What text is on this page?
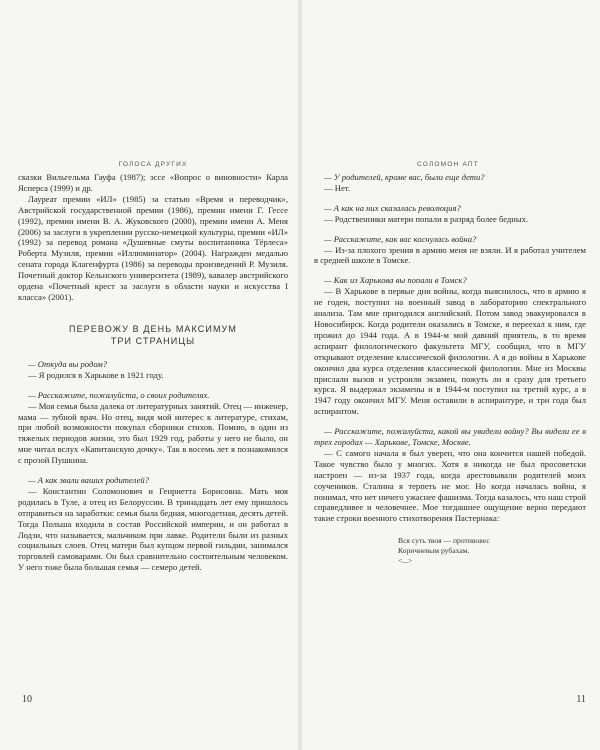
ГОЛОСА ДРУГИХ

сказки Вильгельма Гауфа (1987); эссе «Вопрос о виновности» Карла Ясперса (1999) и др.

Лауреат премии «ИЛ» (1985) за статью «Время и переводчик», Австрийской государственной премии (1986), премии имени Г. Гессе (1992), премии имени В. А. Жуковского (2000), премии имени А. Меня (2006) за заслуги в укреплении русско-немецкой культуры, премии «ИЛ» (1992) за перевод романа «Душевные смуты воспитанника Тёрлеса» Роберта Музиля, премии «Иллюминатор» (2004). Награжден медалью сената города Клагенфурта (1986) за переводы произведений Р. Музиля. Почетный доктор Кельнского университета (1989), кавалер австрийского ордена «Почетный крест за заслуги в области науки и искусства I класса» (2001).

ПЕРЕВОЖУ В ДЕНЬ МАКСИМУМ
ТРИ СТРАНИЦЫ

— Откуда вы родом?

— Я родился в Харькове в 1921 году.

— Расскажите, пожалуйста, о своих родителях.

— Моя семья была далека от литературных занятий. Отец — инженер, мама — зубной врач. Но отец, видя мой интерес к литературе, стихам, при любой возможности покупал сборники стихов. Помню, в один из тяжелых периодов жизни, это был 1929 год, работы у него не было, он мне читал вслух «Капитанскую дочку». Так в восемь лет я познакомился с прозой Пушкина.

— А как звали ваших родителей?

— Константин Соломонович и Генриетта Борисовна. Мать моя родилась в Туле, а отец из Белоруссии. В тринадцать лет ему пришлось отправиться на заработки: семья была бедная, многодетная, десять детей. Тогда Польша входила в состав Российской империи, и он работал в Лодзи, что называется, мальчиком при лавке. Родители были из разных социальных слоев. Отец матери был купцом первой гильдии, занимался торговлей самоварами. Он был сравнительно состоятельным человеком. У него тоже была большая семья — семеро детей.

10
СОЛОМОН АПТ

— У родителей, кроме вас, были еще дети?

— Нет.

— А как на них сказалась революция?

— Родственники матери попали в разряд более бедных.

— Расскажите, как вас коснулась война?

— Из-за плохого зрения в армию меня не взяли. И я работал учителем в средней школе в Томске.

— Как из Харькова вы попали в Томск?

— В Харькове в первые дни войны, когда выяснилось, что в армию я не годен, поступил на военный завод в лабораторию спектрального анализа. Там мне пригодился английский. Потом завод эвакуировался в Новосибирск. Когда родители оказались в Томске, я переехал к ним, где прожил до 1944 года. А в 1944-м мой давний приятель, в то время аспирант филологического факультета МГУ, сообщил, что в МГУ открывают отделение классической филологии. А я до войны в Харькове окончил два курса отделения классической филологии. Мне из Москвы прислали вызов и устроили экзамен, пожуть ли я сразу для третьего курса. Я выдержал экзамены и в 1944-м поступил на третий курс, а в 1947 году окончил МГУ. Меня оставили в аспирантуре, и три года был аспирантом.

— Расскажите, пожалуйста, какой вы увидели войну? Вы видели ее в трех городах — Харькове, Томске, Москве.

— С самого начала я был уверен, что она кончится нашей победой. Такое чувство было у многих. Хотя я никогда не был просоветски настроен — из-за 1937 года, когда арестовывали родителей моих соучеников. Сталина я терпеть не мог. Но когда началась война, я понимал, что нет ничего ужаснее фашизма. Тогда казалось, что наш строй справедливее и человечнее. Мое тогдашнее ощущение верно передают такие строки военного стихотворения Пастернака:

Вся суть твоя — противовес
Коричневым рубахам.
<...>
11
